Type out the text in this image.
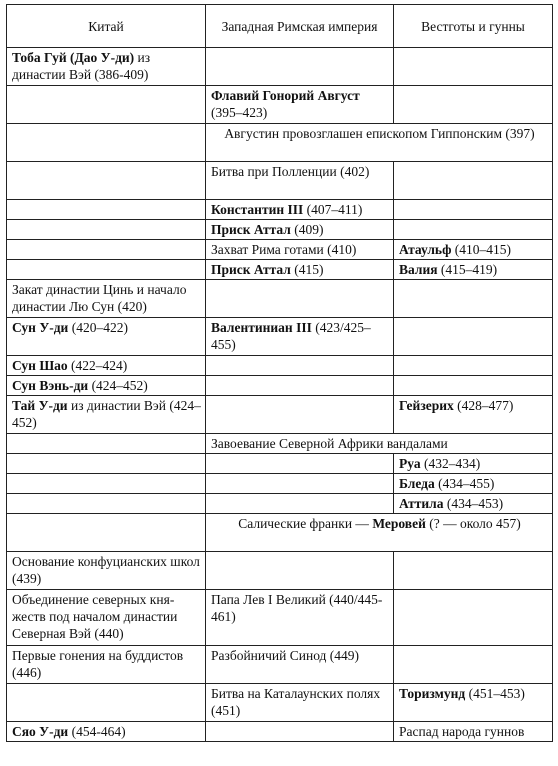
Китай	Западная Римская империя	Вестготы и гунны
Тоба Гуй (Дао У-ди) из династии Вэй (386-409)		
	Флавий Гонорий Август (395–423)	
	Августин провозглашен епископом Гиппонским (397)	
	Битва при Полленции (402)	
	Константин III (407–411)	
	Приск Аттал (409)	
	Захват Рима готами (410)	Атаульф (410–415)
	Приск Аттал (415)	Валия (415–419)
Закат династии Цинь и начало династии Лю Сун (420)		
Сун У-ди (420–422)	Валентиниан III (423/425–455)	
Сун Шао (422–424)		
Сун Вэнь-ди (424–452)		
Тай У-ди из династии Вэй (424–452)		Гейзерих (428–477)
	Завоевание Северной Африки вандалами	
		Руа (432–434)
		Бледа (434–455)
		Аттила (434–453)
	Салические франки — Меровей (? — около 457)	
Основание конфуцианских школ (439)		
Объединение северных княжеств под началом династии Северная Вэй (440)	Папа Лев I Великий (440/445-461)	
Первые гонения на буддистов (446)	Разбойничий Синод (449)	
	Битва на Каталаунских полях (451)	Торизмунд (451–453)
Сяо У-ди (454-464)		Распад народа гуннов
